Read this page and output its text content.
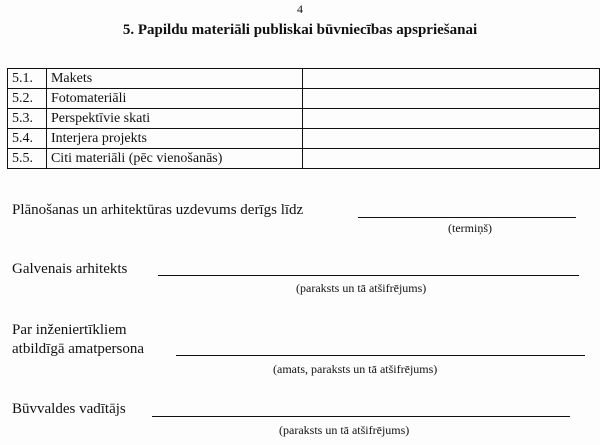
4
5. Papildu materiāli publiskai būvniecības apspriešanai
5.1.	Makets	
5.2.	Fotomateriāli	
5.3.	Perspektīvie skati	
5.4.	Interjera projekts	
5.5.	Citi materiāli (pēc vienošanās)	
Plānošanas un arhitektūras uzdevums derīgs līdz
(termiņš)
Galvenais arhitekts
(paraksts un tā atšifrējums)
Par inženiertīkliem
atbildīgā amatpersona
(amats, paraksts un tā atšifrējums)
Būvvaldes vadītājs
(paraksts un tā atšifrējums)
